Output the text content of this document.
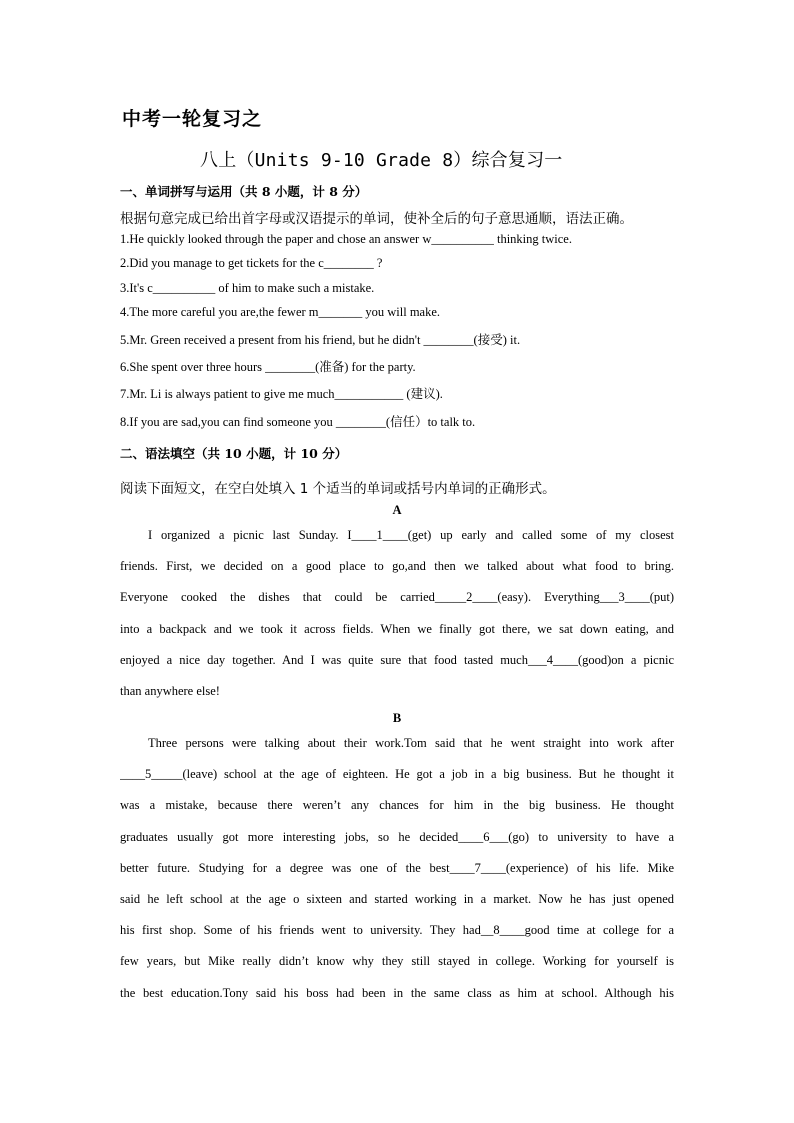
中考一轮复习之
八上（Units 9-10 Grade 8）综合复习一
一、单词拼写与运用（共 8 小题，计 8 分）
根据句意完成已给出首字母或汉语提示的单词，使补全后的句子意思通顺，语法正确。
1.He quickly looked through the paper and chose an answer w__________ thinking twice.
2.Did you manage to get tickets for the c________ ?
3.It's c__________ of him to make such a mistake.
4.The more careful you are,the fewer m_______ you will make.
5.Mr. Green received a present from his friend, but he didn't ________(接受) it.
6.She spent over three hours ________(准备) for the party.
7.Mr. Li is always patient to give me much___________ (建议).
8.If you are sad,you can find someone you ________(信任）to talk to.
二、语法填空（共 10 小题，计 10 分）
阅读下面短文，在空白处填入 1 个适当的单词或括号内单词的正确形式。
A

I organized a picnic last Sunday. I____1____(get) up early and called some of my closest

friends. First, we decided on a good place to go,and then we talked about what food to bring.

Everyone cooked the dishes that could be carried_____2____(easy). Everything___3____(put)

into a backpack and we took it across fields. When we finally got there, we sat down eating, and

enjoyed a nice day together. And I was quite sure that food tasted much___4____(good)on a picnic

than anywhere else!

B

Three persons were talking about their work.Tom said that he went straight into work after

____5_____(leave) school at the age of eighteen. He got a job in a big business. But he thought it

was a mistake, because there weren’t any chances for him in the big business. He thought

graduates usually got more interesting jobs, so he decided____6___(go) to university to have a

better future. Studying for a degree was one of the best____7____(experience) of his life. Mike

said he left school at the age o sixteen and started working in a market. Now he has just opened

his first shop. Some of his friends went to university. They had__8____good time at college for a

few years, but Mike really didn’t know why they still stayed in college. Working for yourself is

the best education.Tony said his boss had been in the same class as him at school. Although his
